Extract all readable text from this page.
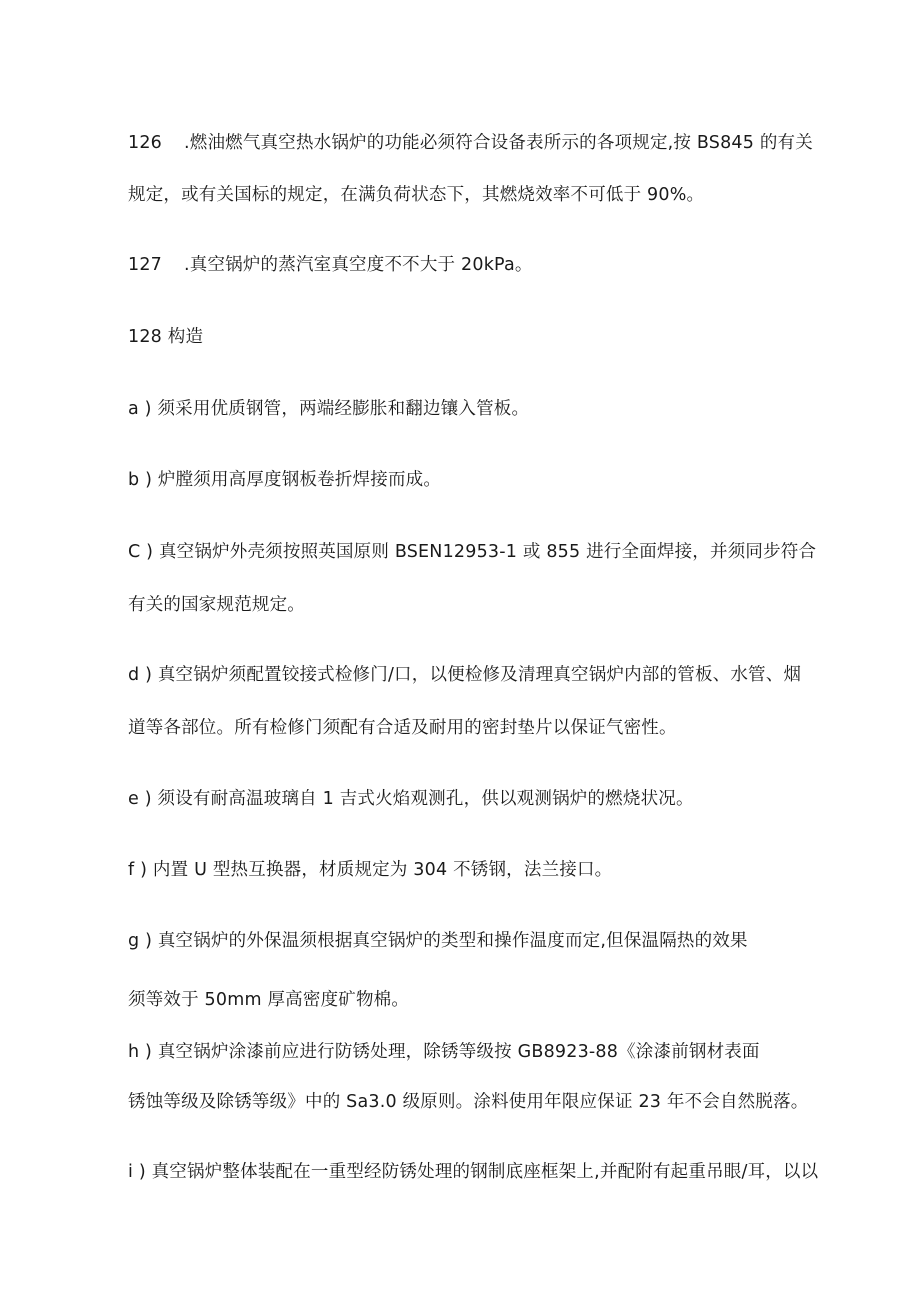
126 .燃油燃气真空热水锅炉的功能必须符合设备表所示的各项规定,按 BS845 的有关
规定，或有关国标的规定，在满负荷状态下，其燃烧效率不可低于 90%。
127 .真空锅炉的蒸汽室真空度不不大于 20kPa。
128 构造
a ) 须采用优质钢管，两端经膨胀和翻边镶入管板。
b ) 炉膛须用高厚度钢板卷折焊接而成。
C ) 真空锅炉外壳须按照英国原则 BSEN12953-1 或 855 进行全面焊接，并须同步符合
有关的国家规范规定。
d ) 真空锅炉须配置铰接式检修门/口，以便检修及清理真空锅炉内部的管板、水管、烟
道等各部位。所有检修门须配有合适及耐用的密封垫片以保证气密性。
e ) 须设有耐高温玻璃自 1 吉式火焰观测孔，供以观测锅炉的燃烧状况。
f ) 内置 U 型热互换器，材质规定为 304 不锈钢，法兰接口。
g ) 真空锅炉的外保温须根据真空锅炉的类型和操作温度而定,但保温隔热的效果
须等效于 50mm 厚高密度矿物棉。
h ) 真空锅炉涂漆前应进行防锈处理，除锈等级按 GB8923-88《涂漆前钢材表面
锈蚀等级及除锈等级》中的 Sa3.0 级原则。涂料使用年限应保证 23 年不会自然脱落。
i ) 真空锅炉整体装配在一重型经防锈处理的钢制底座框架上,并配附有起重吊眼/耳，以以
